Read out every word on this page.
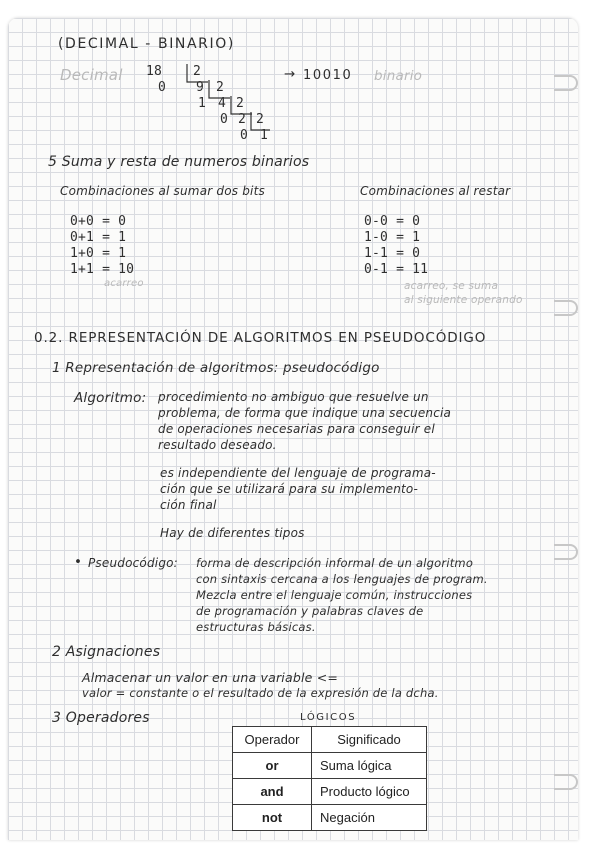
(DECIMAL - BINARIO)
Decimal 18 2
0 9 2
1 4 2
0 2 2
0 1
→ 10010 binario
5 Suma y resta de numeros binarios
Combinaciones al sumar dos bits	Combinaciones al restar
0+0 = 0
0+1 = 1
1+0 = 1
1+1 = 10
acarreo
0-0 = 0
1-0 = 1
1-1 = 0
0-1 = 11
acarreo, se suma
al siguiente operando
0.2. REPRESENTACIÓN DE ALGORITMOS EN PSEUDOCÓDIGO
1 Representación de algoritmos: pseudocódigo
Algoritmo: procedimiento no ambiguo que resuelve un
problema, de forma que indique una secuencia
de operaciones necesarias para conseguir el
resultado deseado.
es independiente del lenguaje de programa-
ción que se utilizará para su implemento-
ción final
Hay de diferentes tipos
• Pseudocódigo: forma de descripción informal de un algoritmo
con sintaxis cercana a los lenguajes de program.
Mezcla entre el lenguaje común, instrucciones
de programación y palabras claves de
estructuras básicas.
2 Asignaciones
Almacenar un valor en una variable <=
valor = constante o el resultado de la expresión de la dcha.
3 Operadores	LÓGICOS
Operador	Significado
or	Suma lógica
and	Producto lógico
not	Negación
